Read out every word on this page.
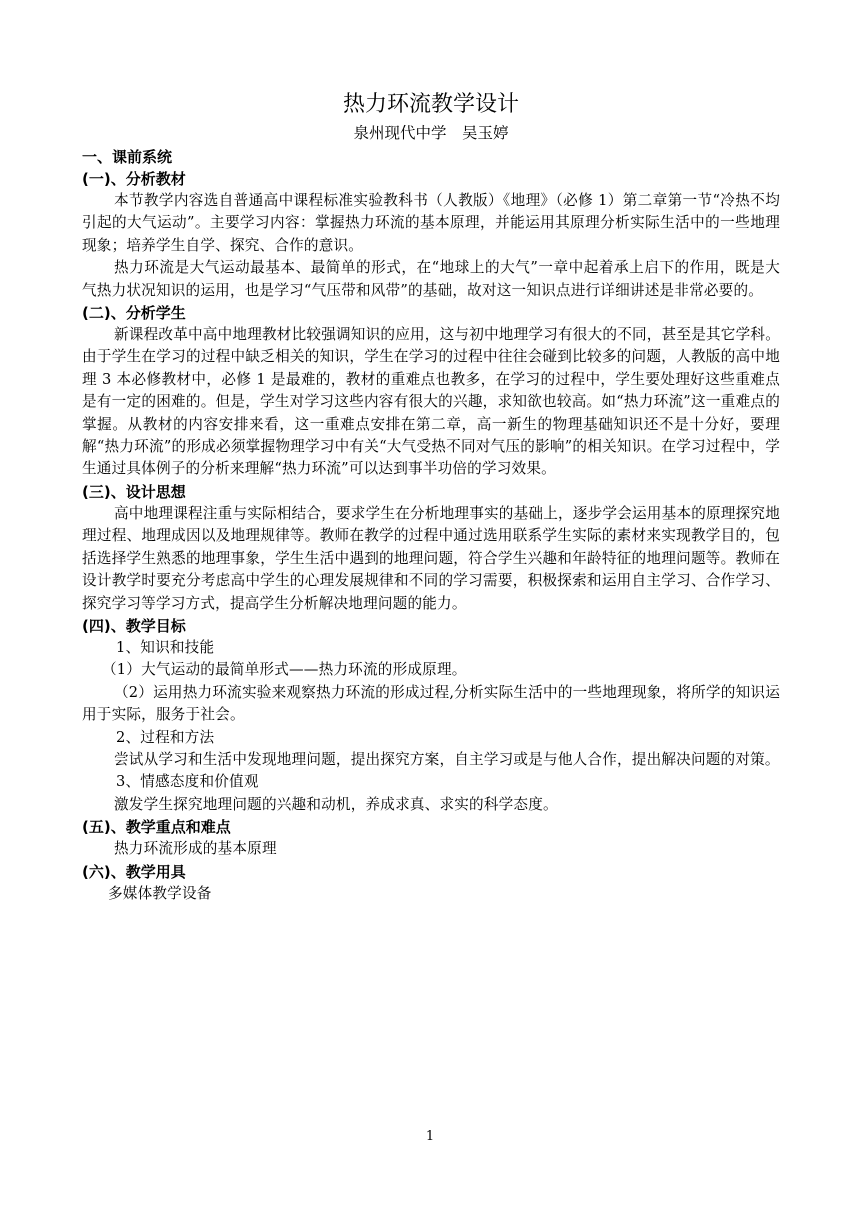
热力环流教学设计
泉州现代中学　吴玉婷
一、课前系统
(一)、分析教材

本节教学内容选自普通高中课程标准实验教科书（人教版）《地理》（必修 1）第二章第一节“冷热不均引起的大气运动”。主要学习内容：掌握热力环流的基本原理，并能运用其原理分析实际生活中的一些地理现象；培养学生自学、探究、合作的意识。

热力环流是大气运动最基本、最简单的形式，在“地球上的大气”一章中起着承上启下的作用，既是大气热力状况知识的运用，也是学习“气压带和风带”的基础，故对这一知识点进行详细讲述是非常必要的。

(二)、分析学生

新课程改革中高中地理教材比较强调知识的应用，这与初中地理学习有很大的不同，甚至是其它学科。由于学生在学习的过程中缺乏相关的知识，学生在学习的过程中往往会碰到比较多的问题，人教版的高中地理 3 本必修教材中，必修 1 是最难的，教材的重难点也教多，在学习的过程中，学生要处理好这些重难点是有一定的困难的。但是，学生对学习这些内容有很大的兴趣，求知欲也较高。如“热力环流”这一重难点的掌握。从教材的内容安排来看，这一重难点安排在第二章，高一新生的物理基础知识还不是十分好，要理解“热力环流”的形成必须掌握物理学习中有关“大气受热不同对气压的影响”的相关知识。在学习过程中，学生通过具体例子的分析来理解“热力环流”可以达到事半功倍的学习效果。

(三)、设计思想

高中地理课程注重与实际相结合，要求学生在分析地理事实的基础上，逐步学会运用基本的原理探究地理过程、地理成因以及地理规律等。教师在教学的过程中通过选用联系学生实际的素材来实现教学目的，包括选择学生熟悉的地理事象，学生生活中遇到的地理问题，符合学生兴趣和年龄特征的地理问题等。教师在设计教学时要充分考虑高中学生的心理发展规律和不同的学习需要，积极探索和运用自主学习、合作学习、探究学习等学习方式，提高学生分析解决地理问题的能力。

(四)、教学目标

1、知识和技能

（1）大气运动的最简单形式——热力环流的形成原理。

（2）运用热力环流实验来观察热力环流的形成过程,分析实际生活中的一些地理现象，将所学的知识运用于实际，服务于社会。

2、过程和方法

尝试从学习和生活中发现地理问题，提出探究方案，自主学习或是与他人合作，提出解决问题的对策。

3、情感态度和价值观

激发学生探究地理问题的兴趣和动机，养成求真、求实的科学态度。

(五)、教学重点和难点

热力环流形成的基本原理

(六)、教学用具

多媒体教学设备

1
